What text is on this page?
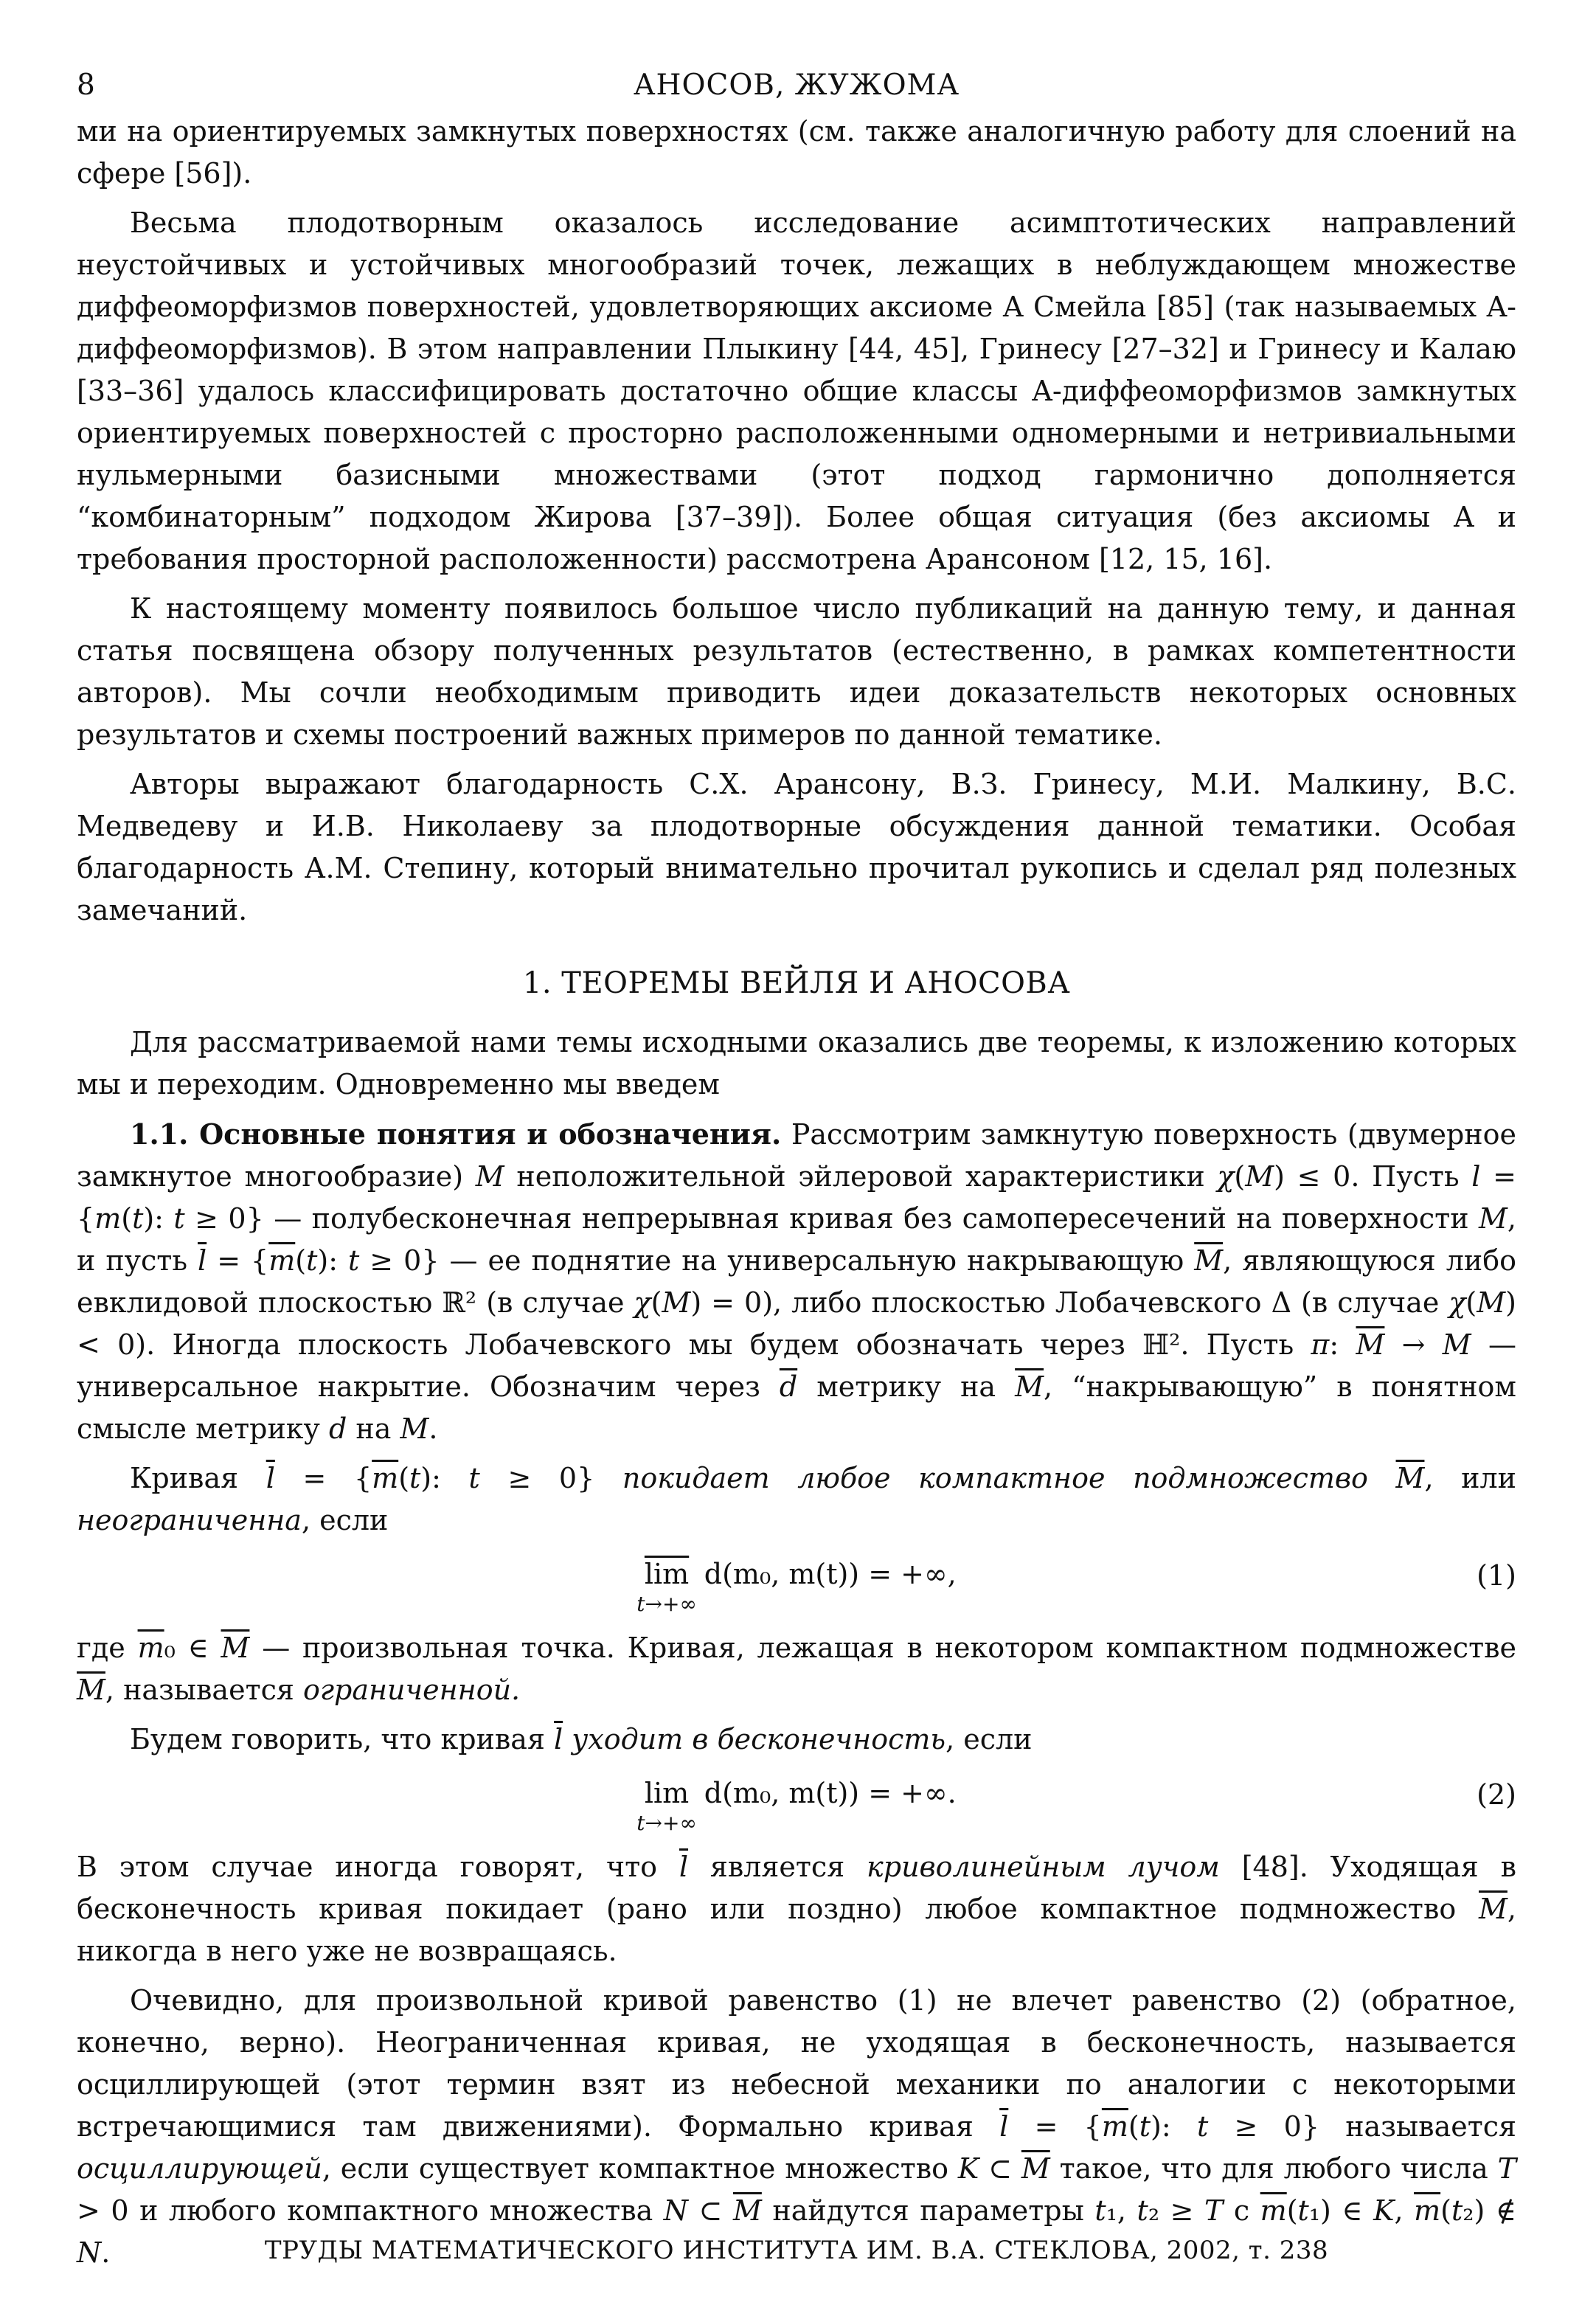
8	АНОСОВ, ЖУЖОМА

ми на ориентируемых замкнутых поверхностях (см. также аналогичную работу для слоений на сфере [56]).

Весьма плодотворным оказалось исследование асимптотических направлений неустойчивых и устойчивых многообразий точек, лежащих в неблуждающем множестве диффеоморфизмов поверхностей, удовлетворяющих аксиоме A Смейла [85] (так называемых A-диффеоморфизмов). В этом направлении Плыкину [44, 45], Гринесу [27–32] и Гринесу и Калаю [33–36] удалось классифицировать достаточно общие классы A-диффеоморфизмов замкнутых ориентируемых поверхностей с просторно расположенными одномерными и нетривиальными нульмерными базисными множествами (этот подход гармонично дополняется “комбинаторным” подходом Жирова [37–39]). Более общая ситуация (без аксиомы A и требования просторной расположенности) рассмотрена Арансоном [12, 15, 16].

К настоящему моменту появилось большое число публикаций на данную тему, и данная статья посвящена обзору полученных результатов (естественно, в рамках компетентности авторов). Мы сочли необходимым приводить идеи доказательств некоторых основных результатов и схемы построений важных примеров по данной тематике.

Авторы выражают благодарность С.Х. Арансону, В.З. Гринесу, М.И. Малкину, В.С. Медведеву и И.В. Николаеву за плодотворные обсуждения данной тематики. Особая благодарность А.М. Степину, который внимательно прочитал рукопись и сделал ряд полезных замечаний.

1. ТЕОРЕМЫ ВЕЙЛЯ И АНОСОВА

Для рассматриваемой нами темы исходными оказались две теоремы, к изложению которых мы и переходим. Одновременно мы введем

1.1. Основные понятия и обозначения. Рассмотрим замкнутую поверхность (двумерное замкнутое многообразие) M неположительной эйлеровой характеристики χ(M) ≤ 0. Пусть l = {m(t): t ≥ 0} — полубесконечная непрерывная кривая без самопересечений на поверхности M, и пусть $\overline{l} = \{\overline{m}(t)$: t ≥ 0} — ее поднятие на универсальную накрывающую $\overline{M}$, являющуюся либо евклидовой плоскостью ℝ² (в случае χ(M) = 0), либо плоскостью Лобачевского Δ (в случае χ(M) < 0). Иногда плоскость Лобачевского мы будем обозначать через ℍ². Пусть π: $\overline{M} \to M$ — универсальное накрытие. Обозначим через $\overline{d}$ метрику на $\overline{M}$, “накрывающую” в понятном смысле метрику d на M.

Кривая $\overline{l} = \{\overline{m}(t)$: t ≥ 0} покидает любое компактное подмножество $\overline{M}$, или неограниченна, если

$\overline{lim}$
t→+∞
d(m₀, m(t)) = +∞,	(1)

где $\overline{m}_0$ ∈ $\overline{M}$ — произвольная точка. Кривая, лежащая в некотором компактном подмножестве $\overline{M}$, называется ограниченной.

Будем говорить, что кривая $\overline{l}$ уходит в бесконечность, если

lim
t→+∞
d(m₀, m(t)) = +∞.	(2)

В этом случае иногда говорят, что $\overline{l}$ является криволинейным лучом [48]. Уходящая в бесконечность кривая покидает (рано или поздно) любое компактное подмножество $\overline{M}$, никогда в него уже не возвращаясь.

Очевидно, для произвольной кривой равенство (1) не влечет равенство (2) (обратное, конечно, верно). Неограниченная кривая, не уходящая в бесконечность, называется осциллирующей (этот термин взят из небесной механики по аналогии с некоторыми встречающимися там движениями). Формально кривая $\overline{l} = \{\overline{m}(t)$: t ≥ 0} называется осциллирующей, если существует компактное множество K ⊂ $\overline{M}$ такое, что для любого числа T > 0 и любого компактного множества N ⊂ $\overline{M}$ найдутся параметры t₁, t₂ ≥ T с $\overline{m}(t_1)$ ∈ K, $\overline{m}(t_2)$ ∉ N.	ТРУДЫ МАТЕМАТИЧЕСКОГО ИНСТИТУТА ИМ. В.А. СТЕКЛОВА, 2002, т. 238
